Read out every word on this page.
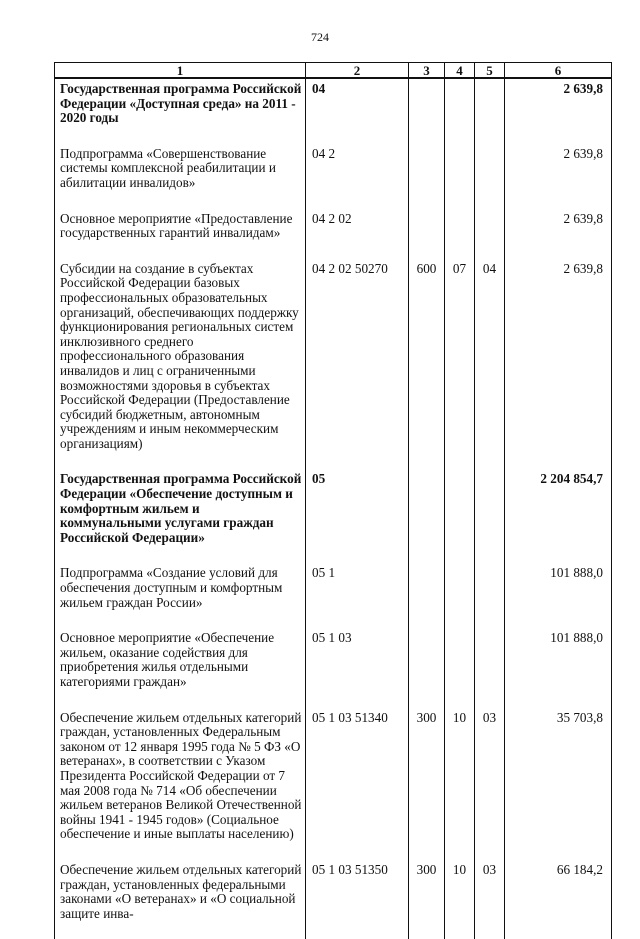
724
1	2	3	4	5	6
Государственная программа Российской Федерации «Доступная среда» на 2011 - 2020 годы	04				2 639,8
Подпрограмма «Совершенствование системы комплексной реабилитации и абилитации инвалидов»	04 2				2 639,8
Основное мероприятие «Предоставление государственных гарантий инвалидам»	04 2 02				2 639,8
Субсидии на создание в субъектах Российской Федерации базовых профессиональных образовательных организаций, обеспечивающих поддержку функционирования региональных систем инклюзивного среднего профессионального образования инвалидов и лиц с ограниченными возможностями здоровья в субъектах Российской Федерации (Предоставление субсидий бюджетным, автономным учреждениям и иным некоммерческим организациям)	04 2 02 50270	600	07	04	2 639,8
Государственная программа Российской Федерации «Обеспечение доступным и комфортным жильем и коммунальными услугами граждан Российской Федерации»	05				2 204 854,7
Подпрограмма «Создание условий для обеспечения доступным и комфортным жильем граждан России»	05 1				101 888,0
Основное мероприятие «Обеспечение жильем, оказание содействия для приобретения жилья отдельными категориями граждан»	05 1 03				101 888,0
Обеспечение жильем отдельных категорий граждан, установленных Федеральным законом от 12 января 1995 года № 5 ФЗ «О ветеранах», в соответствии с Указом Президента Российской Федерации от 7 мая 2008 года № 714 «Об обеспечении жильем ветеранов Великой Отечественной войны 1941 - 1945 годов» (Социальное обеспечение и иные выплаты населению)	05 1 03 51340	300	10	03	35 703,8
Обеспечение жильем отдельных категорий граждан, установленных федеральными законами «О ветеранах» и «О социальной защите инва-	05 1 03 51350	300	10	03	66 184,2
